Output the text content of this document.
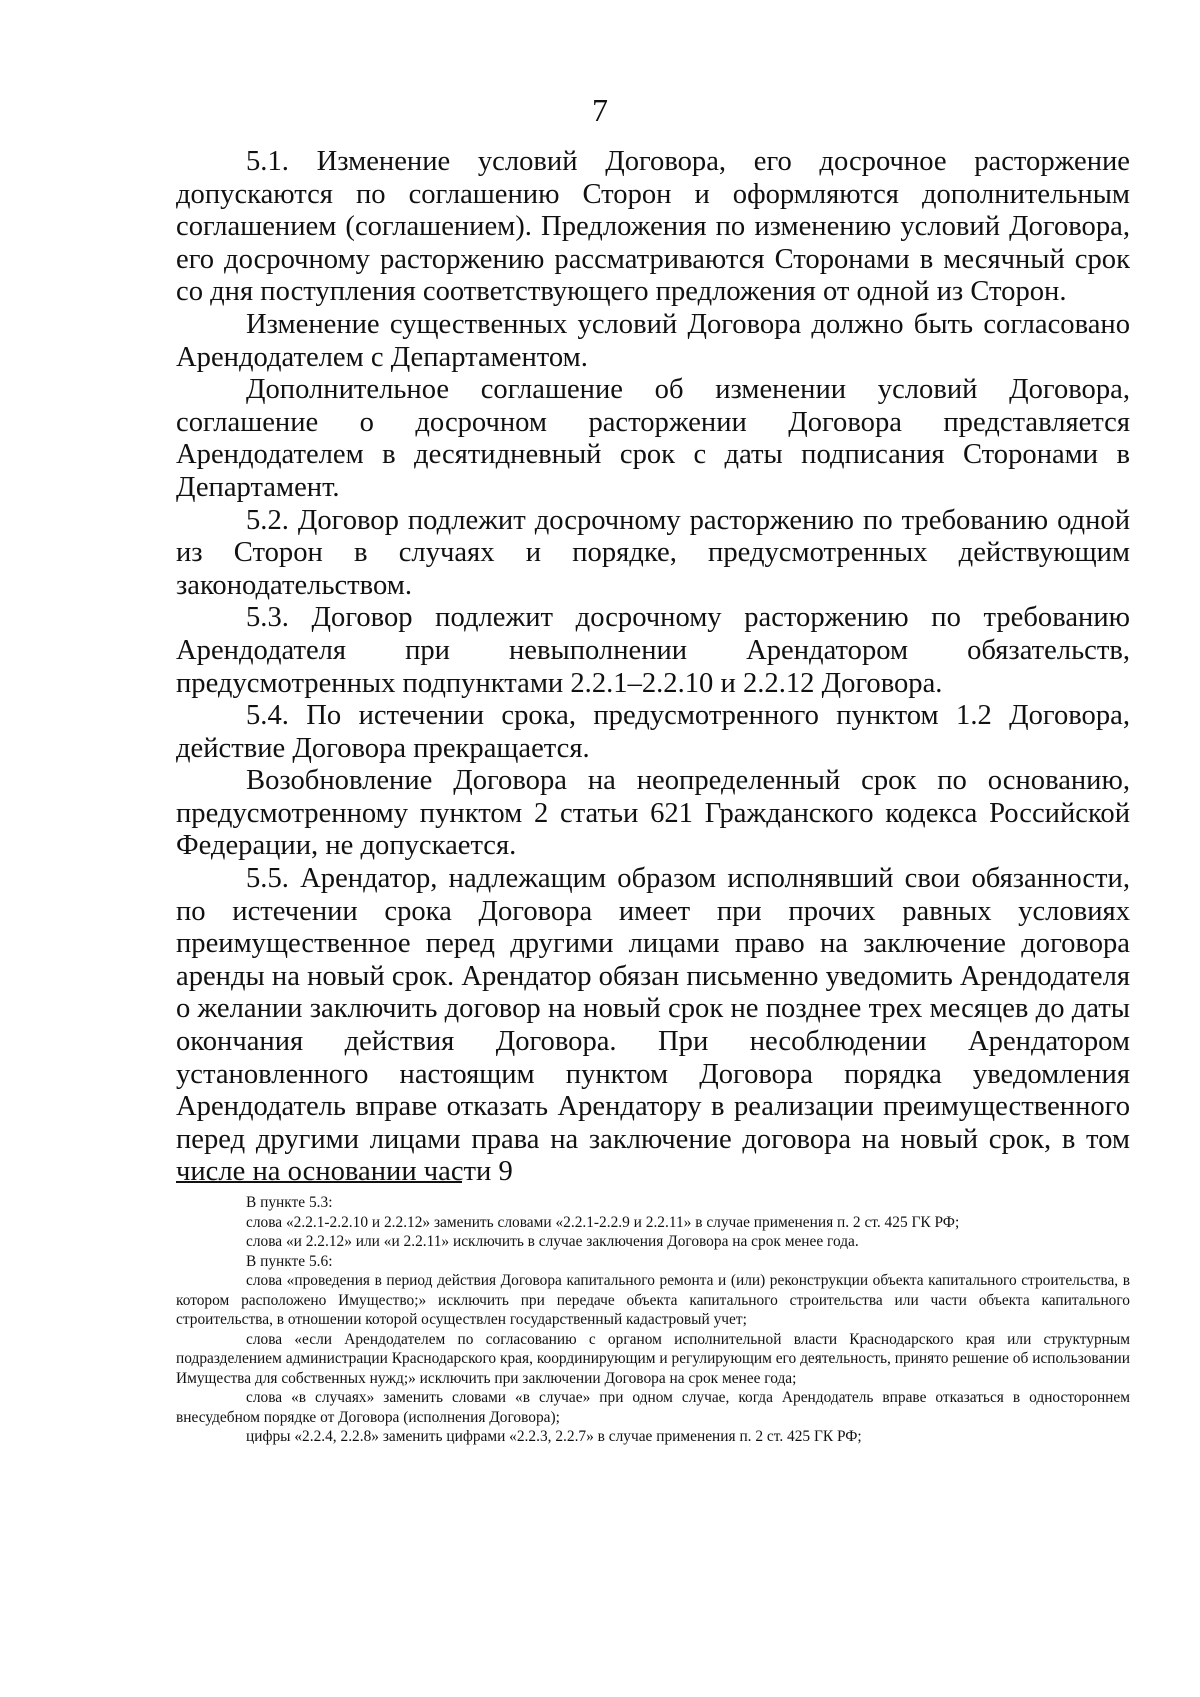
7

5.1. Изменение условий Договора, его досрочное расторжение допускаются по соглашению Сторон и оформляются дополнительным соглашением (соглашением). Предложения по изменению условий Договора, его досрочному расторжению рассматриваются Сторонами в месячный срок со дня поступления соответствующего предложения от одной из Сторон.

Изменение существенных условий Договора должно быть согласовано Арендодателем с Департаментом.

Дополнительное соглашение об изменении условий Договора, соглашение о досрочном расторжении Договора представляется Арендодателем в десятидневный срок с даты подписания Сторонами в Департамент.

5.2. Договор подлежит досрочному расторжению по требованию одной из Сторон в случаях и порядке, предусмотренных действующим законодательством.

5.3. Договор подлежит досрочному расторжению по требованию Арендодателя при невыполнении Арендатором обязательств, предусмотренных подпунктами 2.2.1–2.2.10 и 2.2.12 Договора.

5.4. По истечении срока, предусмотренного пунктом 1.2 Договора, действие Договора прекращается.

Возобновление Договора на неопределенный срок по основанию, предусмотренному пунктом 2 статьи 621 Гражданского кодекса Российской Федерации, не допускается.

5.5. Арендатор, надлежащим образом исполнявший свои обязанности, по истечении срока Договора имеет при прочих равных условиях преимущественное перед другими лицами право на заключение договора аренды на новый срок. Арендатор обязан письменно уведомить Арендодателя о желании заключить договор на новый срок не позднее трех месяцев до даты окончания действия Договора. При несоблюдении Арендатором установленного настоящим пунктом Договора порядка уведомления Арендодатель вправе отказать Арендатору в реализации преимущественного перед другими лицами права на заключение договора на новый срок, в том числе на основании части 9

В пункте 5.3:

слова «2.2.1-2.2.10 и 2.2.12» заменить словами «2.2.1-2.2.9 и 2.2.11» в случае применения п. 2 ст. 425 ГК РФ;

слова «и 2.2.12» или «и 2.2.11» исключить в случае заключения Договора на срок менее года.

В пункте 5.6:

слова «проведения в период действия Договора капитального ремонта и (или) реконструкции объекта капитального строительства, в котором расположено Имущество;» исключить при передаче объекта капитального строительства или части объекта капитального строительства, в отношении которой осуществлен государственный кадастровый учет;

слова «если Арендодателем по согласованию с органом исполнительной власти Краснодарского края или структурным подразделением администрации Краснодарского края, координирующим и регулирующим его деятельность, принято решение об использовании Имущества для собственных нужд;» исключить при заключении Договора на срок менее года;

слова «в случаях» заменить словами «в случае» при одном случае, когда Арендодатель вправе отказаться в одностороннем внесудебном порядке от Договора (исполнения Договора);

цифры «2.2.4, 2.2.8» заменить цифрами «2.2.3, 2.2.7» в случае применения п. 2 ст. 425 ГК РФ;
